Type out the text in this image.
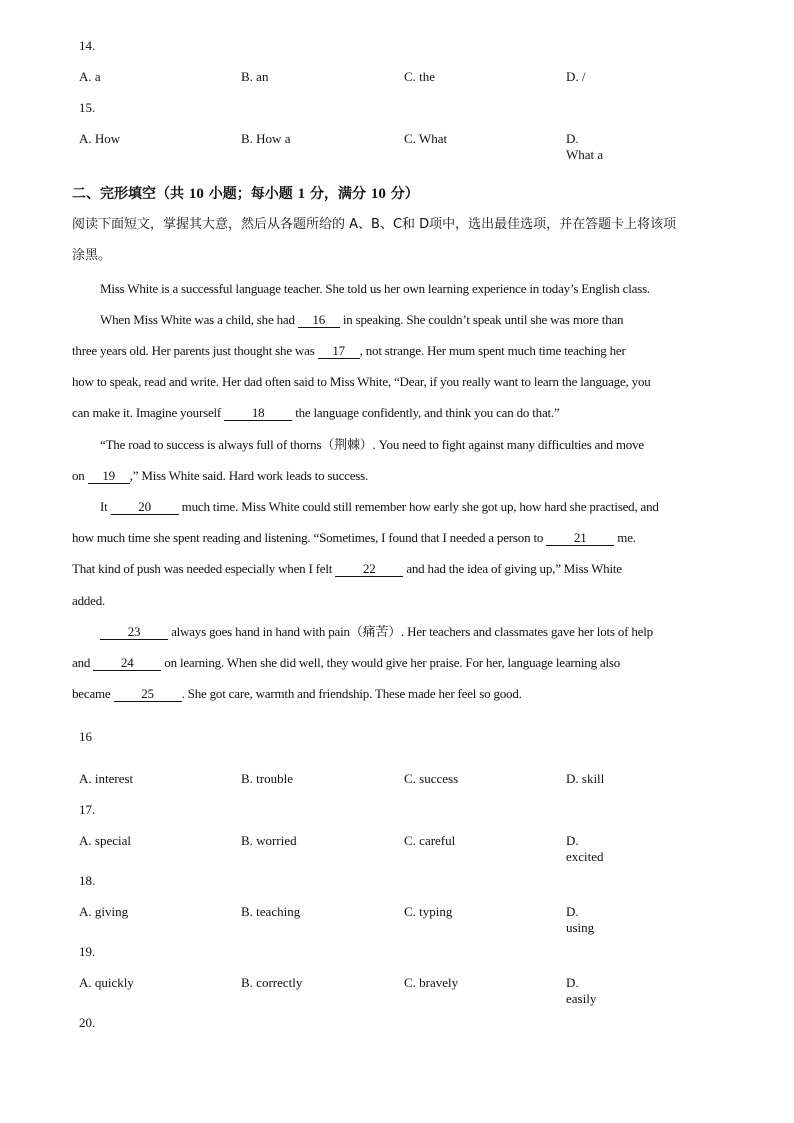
14.
A. a	B. an	C. the	D. /
15.
A. How	B. How a	C. What	D.
What a
二、完形填空（共 10 小题；每小题 1 分，满分 10 分）
阅读下面短文，掌握其大意，然后从各题所给的 A、B、C和 D项中，选出最佳选项，并在答题卡上将该项
涂黑。
Miss White is a successful language teacher. She told us her own learning experience in today’s English class.
When Miss White was a child, she had 16 in speaking. She couldn’t speak until she was more than
three years old. Her parents just thought she was 17 , not strange. Her mum spent much time teaching her
how to speak, read and write. Her dad often said to Miss White, “Dear, if you really want to learn the language, you
can make it. Imagine yourself 18 the language confidently, and think you can do that.”
“The road to success is always full of thorns（荆棘）. You need to fight against many difficulties and move
on 19 ,” Miss White said. Hard work leads to success.
It 20 much time. Miss White could still remember how early she got up, how hard she practised, and
how much time she spent reading and listening. “Sometimes, I found that I needed a person to 21 me.
That kind of push was needed especially when I felt 22 and had the idea of giving up,” Miss White
added.
23 always goes hand in hand with pain（痛苦）. Her teachers and classmates gave her lots of help
and 24 on learning. When she did well, they would give her praise. For her, language learning also
became 25 . She got care, warmth and friendship. These made her feel so good.
16
A. interest	B. trouble	C. success	D. skill
17.
A. special	B. worried	C. careful	D.
excited
18.
A. giving	B. teaching	C. typing	D.
using
19.
A. quickly	B. correctly	C. bravely	D.
easily
20.
